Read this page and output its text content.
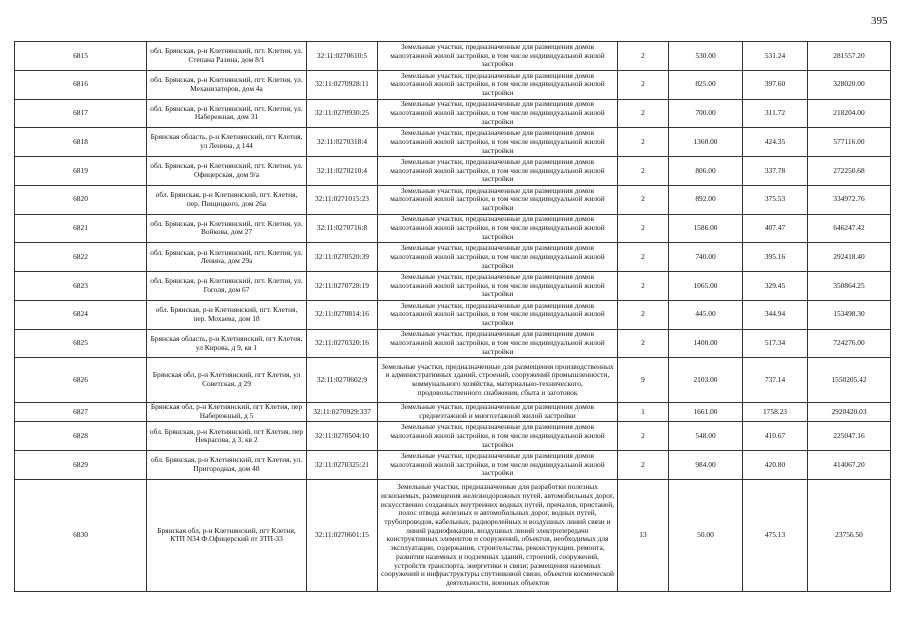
395
6815	обл. Брянская, р-н Клетнянский, пгт. Клетня, ул. Степана Разина, дом 8/1	32:11:0270610:5	Земельные участки, предназначенные для размещения домов малоэтажной жилой застройки, в том числе индивидуальной жилой застройки	2	530.00	531.24	281557.20
6816	обл. Брянская, р-н Клетнянский, пгт. Клетня, ул. Механизаторов, дом 4а	32:11:0270928:11	Земельные участки, предназначенные для размещения домов малоэтажной жилой застройки, в том числе индивидуальной жилой застройки	2	825.00	397.60	328020.00
6817	обл. Брянская, р-н Клетнянский, пгт. Клетня, ул. Набережная, дом 31	32:11:0270930:25	Земельные участки, предназначенные для размещения домов малоэтажной жилой застройки, в том числе индивидуальной жилой застройки	2	700.00	311.72	218204.00
6818	Брянская область, р-н Клетнянский, пгт Клетня, ул Ленина, д 144	32:11:0270318:4	Земельные участки, предназначенные для размещения домов малоэтажной жилой застройки, в том числе индивидуальной жилой застройки	2	1360.00	424.35	577116.00
6819	обл. Брянская, р-н Клетнянский, пгт. Клетня, ул. Офицерская, дом 9/а	32:11:0270210:4	Земельные участки, предназначенные для размещения домов малоэтажной жилой застройки, в том числе индивидуальной жилой застройки	2	806.00	337.78	272250.68
6820	обл. Брянская, р-н Клетнянский, пгт. Клетня, пер. Пищицкого, дом 26а	32:11:0271015:23	Земельные участки, предназначенные для размещения домов малоэтажной жилой застройки, в том числе индивидуальной жилой застройки	2	892.00	375.53	334972.76
6821	обл. Брянская, р-н Клетнянский, пгт. Клетня, ул. Войкова, дом 27	32:11:0270716:8	Земельные участки, предназначенные для размещения домов малоэтажной жилой застройки, в том числе индивидуальной жилой застройки	2	1586.00	407.47	646247.42
6822	обл. Брянская, р-н Клетнянский, пгт. Клетня, ул. Ленина, дом 29а	32:11:0270520:39	Земельные участки, предназначенные для размещения домов малоэтажной жилой застройки, в том числе индивидуальной жилой застройки	2	740.00	395.16	292418.40
6823	обл. Брянская, р-н Клетнянский, пгт. Клетня, ул. Гоголя, дом 67	32:11:0270728:19	Земельные участки, предназначенные для размещения домов малоэтажной жилой застройки, в том числе индивидуальной жилой застройки	2	1065.00	329.45	350864.25
6824	обл. Брянская, р-н Клетнянский, пгт. Клетня, пер. Мохаева, дом 18	32:11:0270814:16	Земельные участки, предназначенные для размещения домов малоэтажной жилой застройки, в том числе индивидуальной жилой застройки	2	445.00	344.94	153498.30
6825	Брянская область, р-н Клетнянский, пгт Клетня, ул Кирова, д 9, кв 1	32:11:0270320:16	Земельные участки, предназначенные для размещения домов малоэтажной жилой застройки, в том числе индивидуальной жилой застройки	2	1400.00	517.34	724276.00
6826	Брянская обл, р-н Клетнянский, пгт Клетня, ул Советская, д 29	32:11:0270602:9	Земельные участки, предназначенные для размещения производственных и административных зданий, строений, сооружений промышленности, коммунального хозяйства, материально-технического, продовольственного снабжения, сбыта и заготовок	9	2103.00	737.14	1550205.42
6827	Брянская обл, р-н Клетнянский, пгт Клетня, пер Набережный, д 5	32:11:0270929:337	Земельные участки, предназначенные для размещения домов среднеэтажной и многоэтажной жилой застройки	1	1661.00	1758.23	2920420.03
6828	обл. Брянская, р-н Клетнянский, пгт Клетня, пер Некрасова, д 3, кв 2	32:11:0270504:10	Земельные участки, предназначенные для размещения домов малоэтажной жилой застройки, в том числе индивидуальной жилой застройки	2	548.00	410.67	225047.16
6829	обл. Брянская, р-н Клетнянский, пгт Клетня, ул. Пригородная, дом 48	32:11:0270325:21	Земельные участки, предназначенные для размещения домов малоэтажной жилой застройки, в том числе индивидуальной жилой застройки	2	984.00	420.80	414067.20
6830	Брянская обл, р-н Клетнянский, пгт Клетня, КТП N34 Ф.Офицерский от ЗТП-33	32:11:0270601:15	Земельные участки, предназначенные для разработки полезных ископаемых, размещения железнодорожных путей, автомобильных дорог, искусственно созданных внутренних водных путей, причалов, пристаней, полос отвода железных и автомобильных дорог, водных путей, трубопроводов, кабельных, радиорелейных и воздушных линий связи и линий радиофикации, воздушных линий электропередачи конструктивных элементов и сооружений, объектов, необходимых для эксплуатации, содержания, строительства, реконструкции, ремонта, развития наземных и подземных зданий, строений, сооружений, устройств транспорта, энергетики и связи; размещения наземных сооружений и инфраструктуры спутниковой связи, объектов космической деятельности, военных объектов	13	50.00	475.13	23756.50
